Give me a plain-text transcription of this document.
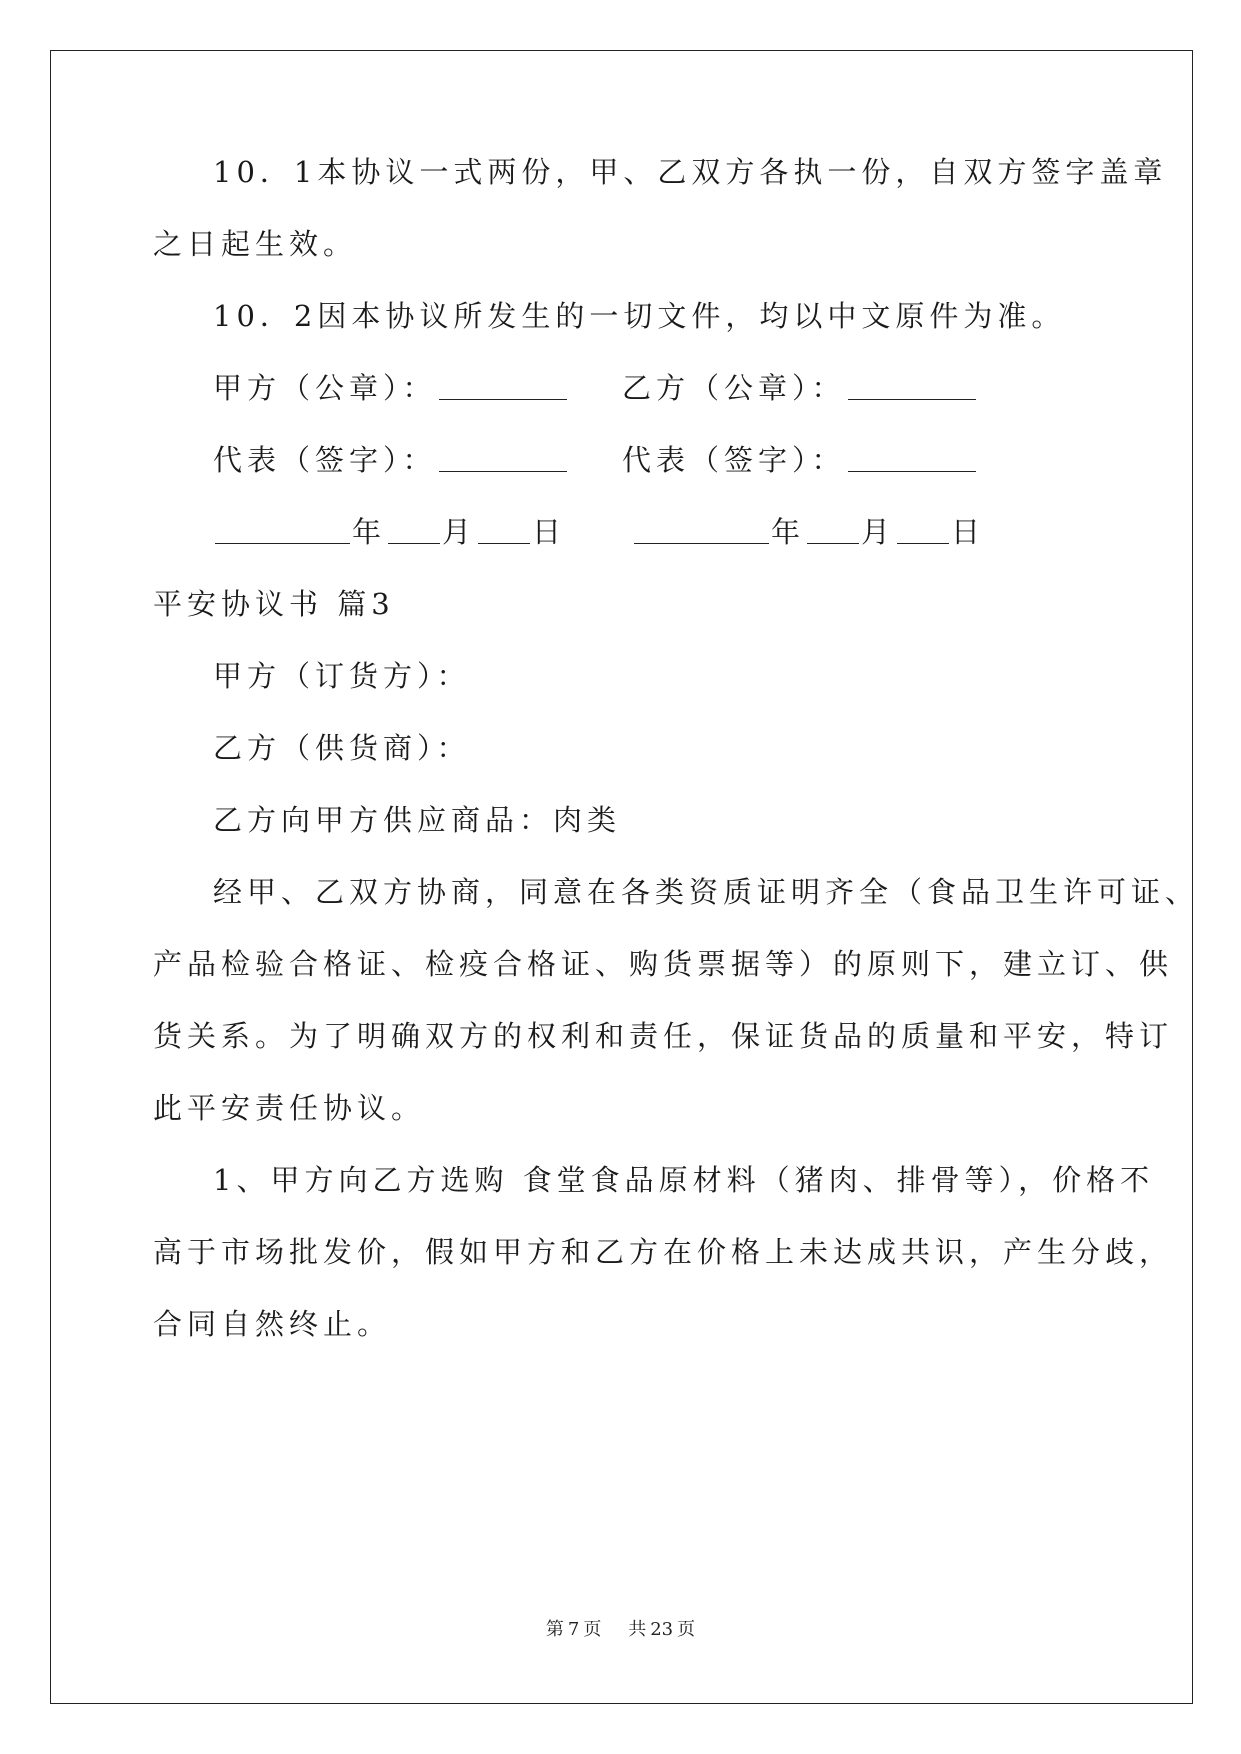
10．1本协议一式两份，甲、乙双方各执一份，自双方签字盖章
之日起生效。
10．2因本协议所发生的一切文件，均以中文原件为准。
甲方（公章）：	乙方（公章）：
代表（签字）：	代表（签字）：
年 月 日	年 月 日
平安协议书 篇3
甲方（订货方）：
乙方（供货商）：
乙方向甲方供应商品：肉类
经甲、乙双方协商，同意在各类资质证明齐全（食品卫生许可证、
产品检验合格证、检疫合格证、购货票据等）的原则下，建立订、供
货关系。为了明确双方的权利和责任，保证货品的质量和平安，特订
此平安责任协议。
1、甲方向乙方选购 食堂食品原材料（猪肉、排骨等），价格不
高于市场批发价，假如甲方和乙方在价格上未达成共识，产生分歧，
合同自然终止。
第 7 页 共 23 页
